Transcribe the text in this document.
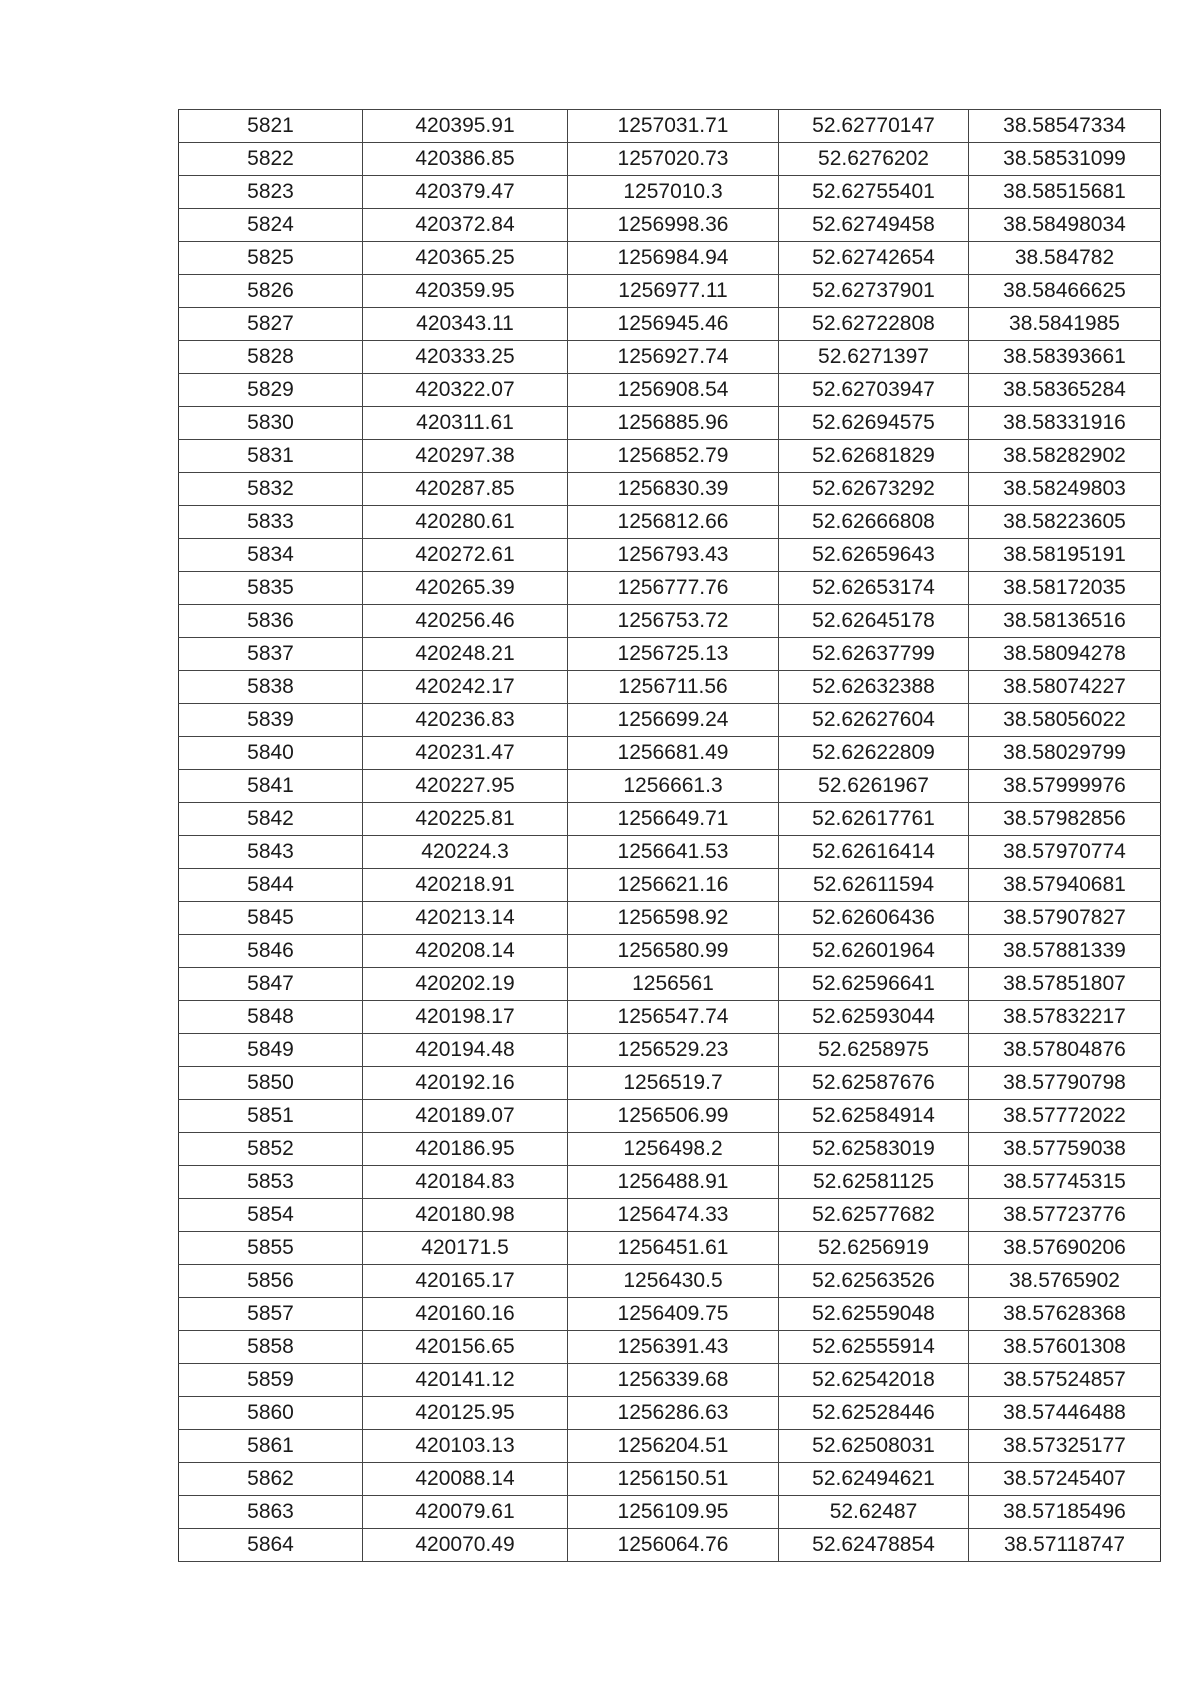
5821	420395.91	1257031.71	52.62770147	38.58547334
5822	420386.85	1257020.73	52.6276202	38.58531099
5823	420379.47	1257010.3	52.62755401	38.58515681
5824	420372.84	1256998.36	52.62749458	38.58498034
5825	420365.25	1256984.94	52.62742654	38.584782
5826	420359.95	1256977.11	52.62737901	38.58466625
5827	420343.11	1256945.46	52.62722808	38.5841985
5828	420333.25	1256927.74	52.6271397	38.58393661
5829	420322.07	1256908.54	52.62703947	38.58365284
5830	420311.61	1256885.96	52.62694575	38.58331916
5831	420297.38	1256852.79	52.62681829	38.58282902
5832	420287.85	1256830.39	52.62673292	38.58249803
5833	420280.61	1256812.66	52.62666808	38.58223605
5834	420272.61	1256793.43	52.62659643	38.58195191
5835	420265.39	1256777.76	52.62653174	38.58172035
5836	420256.46	1256753.72	52.62645178	38.58136516
5837	420248.21	1256725.13	52.62637799	38.58094278
5838	420242.17	1256711.56	52.62632388	38.58074227
5839	420236.83	1256699.24	52.62627604	38.58056022
5840	420231.47	1256681.49	52.62622809	38.58029799
5841	420227.95	1256661.3	52.6261967	38.57999976
5842	420225.81	1256649.71	52.62617761	38.57982856
5843	420224.3	1256641.53	52.62616414	38.57970774
5844	420218.91	1256621.16	52.62611594	38.57940681
5845	420213.14	1256598.92	52.62606436	38.57907827
5846	420208.14	1256580.99	52.62601964	38.57881339
5847	420202.19	1256561	52.62596641	38.57851807
5848	420198.17	1256547.74	52.62593044	38.57832217
5849	420194.48	1256529.23	52.6258975	38.57804876
5850	420192.16	1256519.7	52.62587676	38.57790798
5851	420189.07	1256506.99	52.62584914	38.57772022
5852	420186.95	1256498.2	52.62583019	38.57759038
5853	420184.83	1256488.91	52.62581125	38.57745315
5854	420180.98	1256474.33	52.62577682	38.57723776
5855	420171.5	1256451.61	52.6256919	38.57690206
5856	420165.17	1256430.5	52.62563526	38.5765902
5857	420160.16	1256409.75	52.62559048	38.57628368
5858	420156.65	1256391.43	52.62555914	38.57601308
5859	420141.12	1256339.68	52.62542018	38.57524857
5860	420125.95	1256286.63	52.62528446	38.57446488
5861	420103.13	1256204.51	52.62508031	38.57325177
5862	420088.14	1256150.51	52.62494621	38.57245407
5863	420079.61	1256109.95	52.62487	38.57185496
5864	420070.49	1256064.76	52.62478854	38.57118747
